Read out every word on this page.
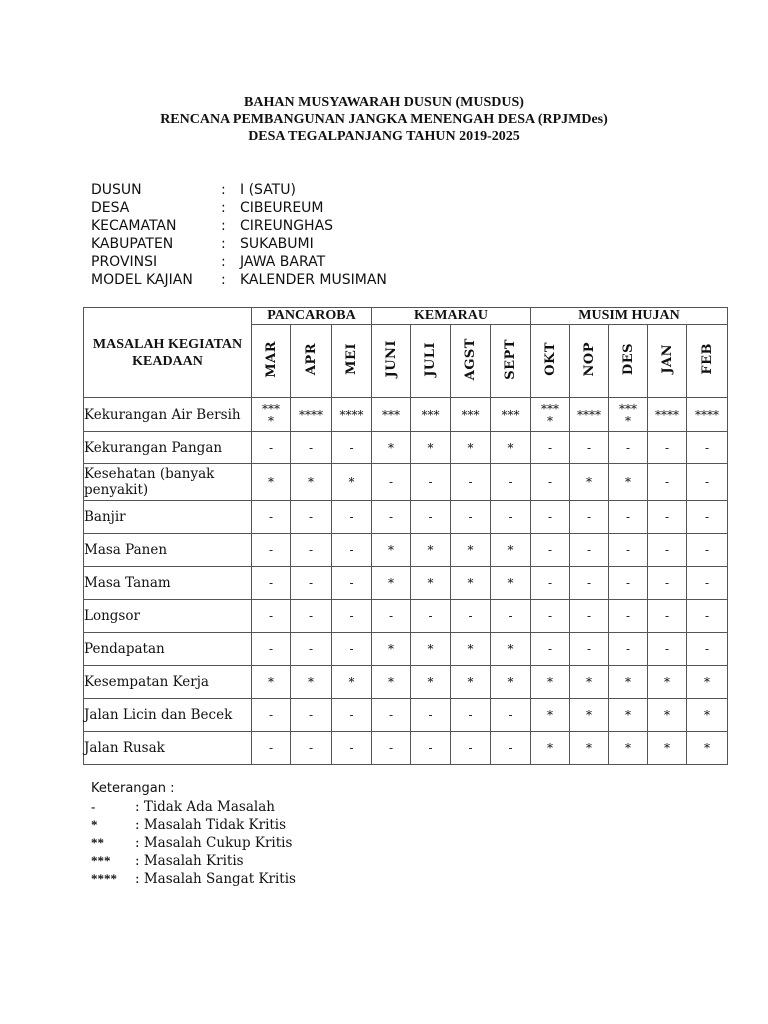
BAHAN MUSYAWARAH DUSUN (MUSDUS)
RENCANA PEMBANGUNAN JANGKA MENENGAH DESA (RPJMDes)
DESA TEGALPANJANG TAHUN 2019-2025
DUSUN	: I (SATU)
DESA	: CIBEUREUM
KECAMATAN	: CIREUNGHAS
KABUPATEN	: SUKABUMI
PROVINSI	: JAWA BARAT
MODEL KAJIAN : KALENDER MUSIMAN
MASALAH KEGIATAN KEADAAN	PANCAROBA			KEMARAU				MUSIM HUJAN				
	MAR	APR	MEI	JUNI	JULI	AGST	SEPT	OKT	NOP	DES	JAN	FEB
Kekurangan Air Bersih	****	****	****	***	***	***	***	****	****	****	****	****
Kekurangan Pangan	-	-	-	*	*	*	*	-	-	-	-	-
Kesehatan (banyak penyakit)	*	*	*	-	-	-	-	-	*	*	-	-
Banjir	-	-	-	-	-	-	-	-	-	-	-	-
Masa Panen	-	-	-	*	*	*	*	-	-	-	-	-
Masa Tanam	-	-	-	*	*	*	*	-	-	-	-	-
Longsor	-	-	-	-	-	-	-	-	-	-	-	-
Pendapatan	-	-	-	*	*	*	*	-	-	-	-	-
Kesempatan Kerja	*	*	*	*	*	*	*	*	*	*	*	*
Jalan Licin dan Becek	-	-	-	-	-	-	-	*	*	*	*	*
Jalan Rusak	-	-	-	-	-	-	-	*	*	*	*	*
Keterangan :
-	: Tidak Ada Masalah
*	: Masalah Tidak Kritis
** : Masalah Cukup Kritis
*** : Masalah Kritis
**** : Masalah Sangat Kritis
